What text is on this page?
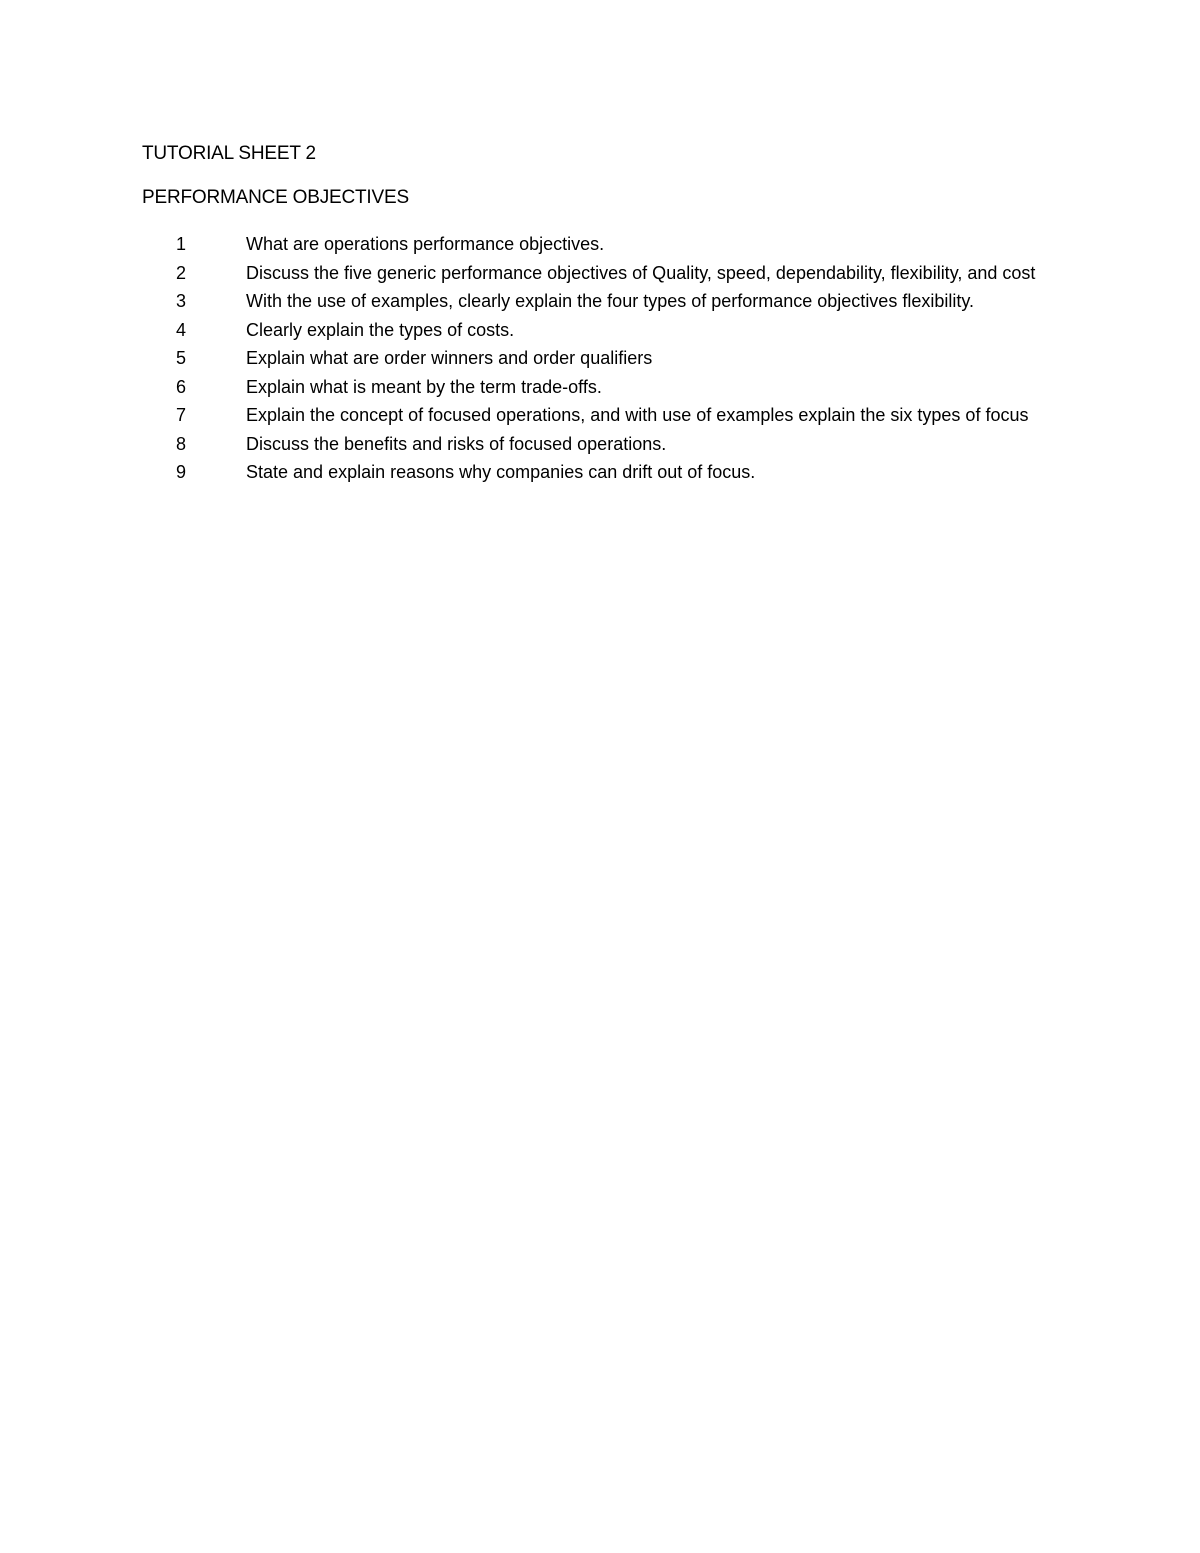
TUTORIAL SHEET 2
PERFORMANCE OBJECTIVES
1	What are operations performance objectives.
2	Discuss the five generic performance objectives of Quality, speed, dependability, flexibility, and cost
3	With the use of examples, clearly explain the four types of performance objectives flexibility.
4	Clearly explain the types of costs.
5	Explain what are order winners and order qualifiers
6	Explain what is meant by the term trade-offs.
7	Explain the concept of focused operations, and with use of examples explain the six types of focus
8	Discuss the benefits and risks of focused operations.
9	State and explain reasons why companies can drift out of focus.
